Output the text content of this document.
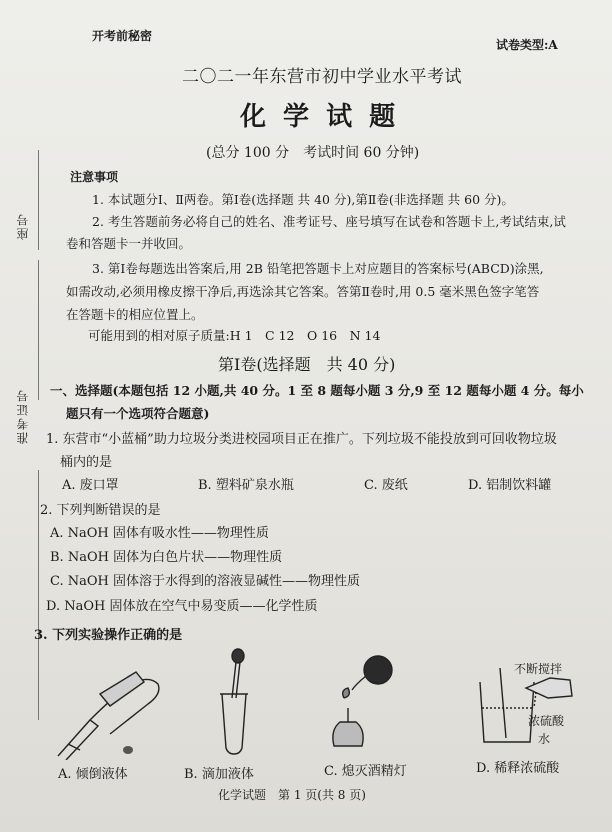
开考前秘密
试卷类型:A
二〇二一年东营市初中学业水平考试
化 学 试 题
(总分 100 分　考试时间 60 分钟)
座号
准考证号
注意事项
1. 本试题分Ⅰ、Ⅱ两卷。第Ⅰ卷(选择题 共 40 分),第Ⅱ卷(非选择题 共 60 分)。
2. 考生答题前务必将自己的姓名、准考证号、座号填写在试卷和答题卡上,考试结束,试
卷和答题卡一并收回。
3. 第Ⅰ卷每题选出答案后,用 2B 铅笔把答题卡上对应题目的答案标号(ABCD)涂黑,
如需改动,必须用橡皮擦干净后,再选涂其它答案。答第Ⅱ卷时,用 0.5 毫米黑色签字笔答
在答题卡的相应位置上。
可能用到的相对原子质量:H 1　C 12　O 16　N 14
第Ⅰ卷(选择题　共 40 分)
一、选择题(本题包括 12 小题,共 40 分。1 至 8 题每小题 3 分,9 至 12 题每小题 4 分。每小
题只有一个选项符合题意)
1. 东营市“小蓝桶”助力垃圾分类进校园项目正在推广。下列垃圾不能投放到可回收物垃圾
桶内的是
A. 废口罩	B. 塑料矿泉水瓶	C. 废纸	D. 铝制饮料罐
2. 下列判断错误的是
A. NaOH 固体有吸水性——物理性质
B. NaOH 固体为白色片状——物理性质
C. NaOH 固体溶于水得到的溶液显碱性——物理性质
D. NaOH 固体放在空气中易变质——化学性质
3. 下列实验操作正确的是
A. 倾倒液体	B. 滴加液体	C. 熄灭酒精灯
不断搅拌
浓硫酸
水
D. 稀释浓硫酸
化学试题　第 1 页(共 8 页)
